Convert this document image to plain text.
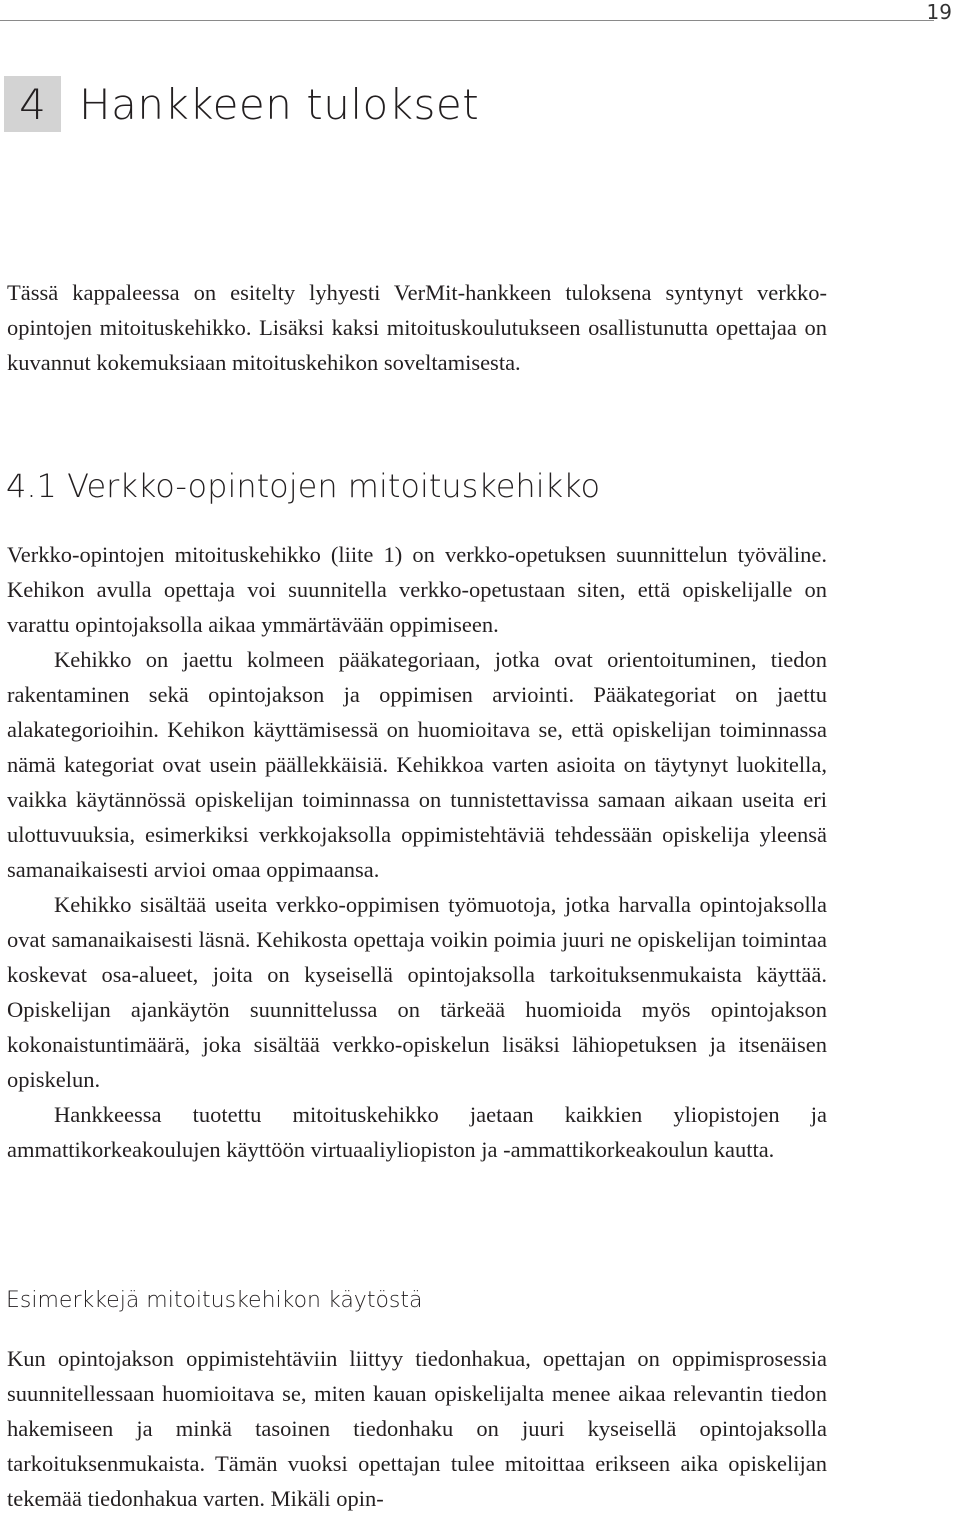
19
4 Hankkeen tulokset

Tässä kappaleessa on esitelty lyhyesti VerMit-hankkeen tuloksena syntynyt verkko-opintojen mitoituskehikko. Lisäksi kaksi mitoituskoulutukseen osallistunutta opettajaa on kuvannut kokemuksiaan mitoituskehikon soveltamisesta.

4.1 Verkko-opintojen mitoituskehikko

Verkko-opintojen mitoituskehikko (liite 1) on verkko-opetuksen suunnittelun työväline. Kehikon avulla opettaja voi suunnitella verkko-opetustaan siten, että opiskelijalle on varattu opintojaksolla aikaa ymmärtävään oppimiseen.

Kehikko on jaettu kolmeen pääkategoriaan, jotka ovat orientoituminen, tiedon rakentaminen sekä opintojakson ja oppimisen arviointi. Pääkategoriat on jaettu alakategorioihin. Kehikon käyttämisessä on huomioitava se, että opiskelijan toiminnassa nämä kategoriat ovat usein päällekkäisiä. Kehikkoa varten asioita on täytynyt luokitella, vaikka käytännössä opiskelijan toiminnassa on tunnistettavissa samaan aikaan useita eri ulottuvuuksia, esimerkiksi verkkojaksolla oppimistehtäviä tehdessään opiskelija yleensä samanaikaisesti arvioi omaa oppimaansa.

Kehikko sisältää useita verkko-oppimisen työmuotoja, jotka harvalla opintojaksolla ovat samanaikaisesti läsnä. Kehikosta opettaja voikin poimia juuri ne opiskelijan toimintaa koskevat osa-alueet, joita on kyseisellä opintojaksolla tarkoituksenmukaista käyttää. Opiskelijan ajankäytön suunnittelussa on tärkeää huomioida myös opintojakson kokonaistuntimäärä, joka sisältää verkko-opiskelun lisäksi lähiopetuksen ja itsenäisen opiskelun.

Hankkeessa tuotettu mitoituskehikko jaetaan kaikkien yliopistojen ja ammattikorkeakoulujen käyttöön virtuaaliyliopiston ja -ammattikorkeakoulun kautta.

Esimerkkejä mitoituskehikon käytöstä

Kun opintojakson oppimistehtäviin liittyy tiedonhakua, opettajan on oppimisprosessia suunnitellessaan huomioitava se, miten kauan opiskelijalta menee aikaa relevantin tiedon hakemiseen ja minkä tasoinen tiedonhaku on juuri kyseisellä opintojaksolla tarkoituksenmukaista. Tämän vuoksi opettajan tulee mitoittaa erikseen aika opiskelijan tekemää tiedonhakua varten. Mikäli opin-
